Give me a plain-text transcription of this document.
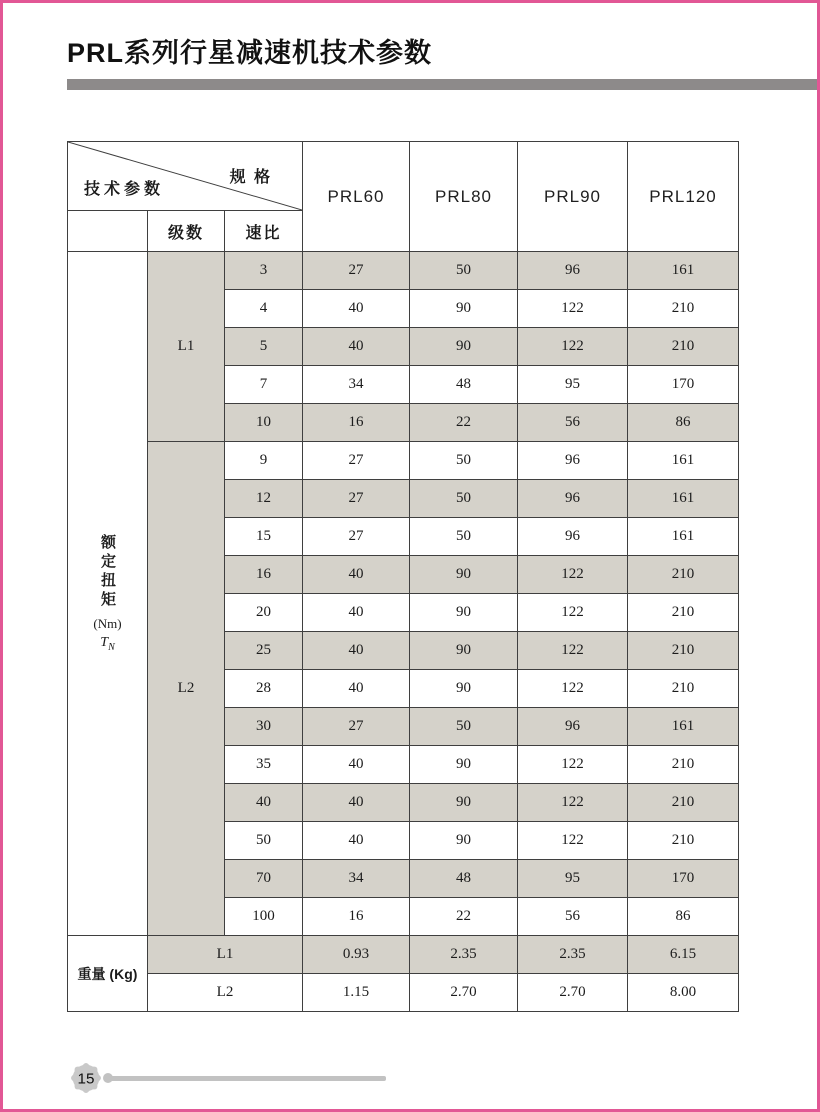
PRL系列行星减速机技术参数
规 格
技术参数			PRL60	PRL80	PRL90	PRL120
	级数	速比				

额定扭矩
(Nm)
$T_N$	L1	3	27	50	96	161
		4	40	90	122	210
		5	40	90	122	210
		7	34	48	95	170
		10	16	22	56	86
	L2	9	27	50	96	161
		12	27	50	96	161
		15	27	50	96	161
		16	40	90	122	210
		20	40	90	122	210
		25	40	90	122	210
		28	40	90	122	210
		30	27	50	96	161
		35	40	90	122	210
		40	40	90	122	210
		50	40	90	122	210
		70	34	48	95	170
		100	16	22	56	86
重量 (Kg)	L1		0.93	2.35	2.35	6.15
	L2		1.15	2.70	2.70	8.00
15
